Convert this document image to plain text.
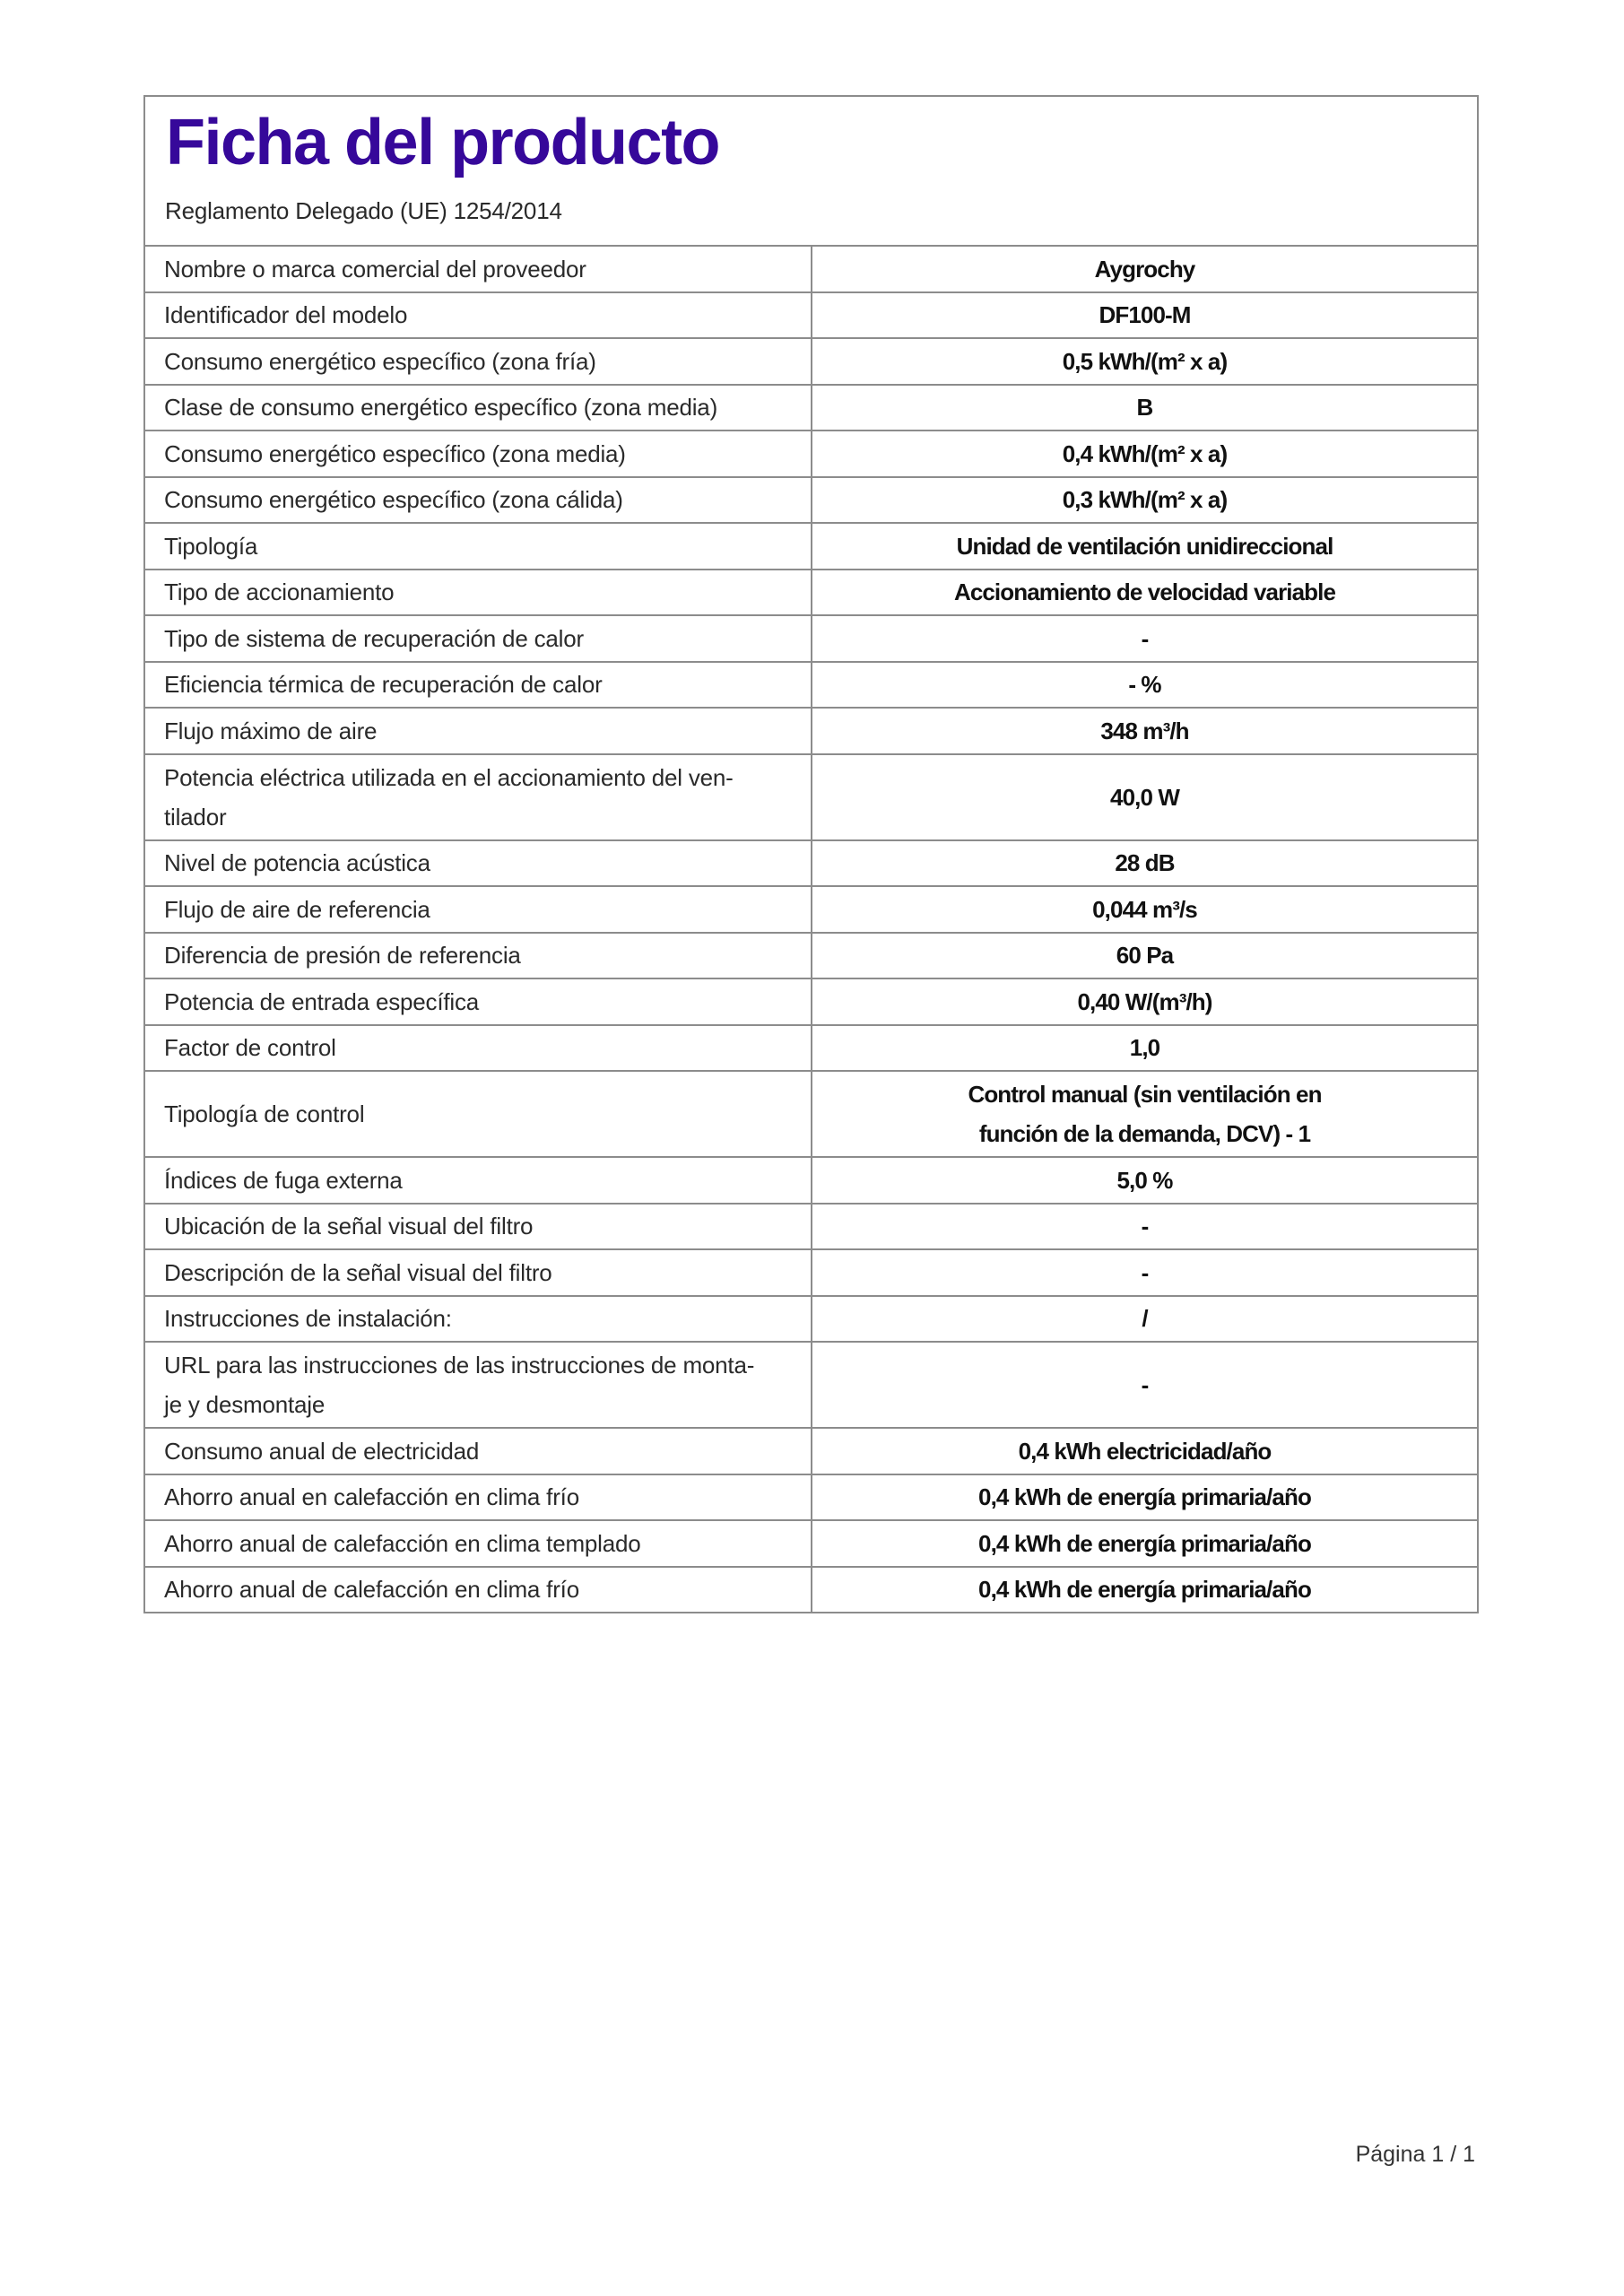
Ficha del producto

Reglamento Delegado (UE) 1254/2014

Nombre o marca comercial del proveedor	Aygrochy
Identificador del modelo	DF100-M
Consumo energético específico (zona fría)	0,5 kWh/(m² x a)
Clase de consumo energético específico (zona media)	B
Consumo energético específico (zona media)	0,4 kWh/(m² x a)
Consumo energético específico (zona cálida)	0,3 kWh/(m² x a)
Tipología	Unidad de ventilación unidireccional
Tipo de accionamiento	Accionamiento de velocidad variable
Tipo de sistema de recuperación de calor	-
Eficiencia térmica de recuperación de calor	- %
Flujo máximo de aire	348 m³/h
Potencia eléctrica utilizada en el accionamiento del ven-
tilador	40,0 W
Nivel de potencia acústica	28 dB
Flujo de aire de referencia	0,044 m³/s
Diferencia de presión de referencia	60 Pa
Potencia de entrada específica	0,40 W/(m³/h)
Factor de control	1,0
Tipología de control	Control manual (sin ventilación en
función de la demanda, DCV) - 1
Índices de fuga externa	5,0 %
Ubicación de la señal visual del filtro	-
Descripción de la señal visual del filtro	-
Instrucciones de instalación:	/
URL para las instrucciones de las instrucciones de monta-
je y desmontaje	-
Consumo anual de electricidad	0,4 kWh electricidad/año
Ahorro anual en calefacción en clima frío	0,4 kWh de energía primaria/año
Ahorro anual de calefacción en clima templado	0,4 kWh de energía primaria/año
Ahorro anual de calefacción en clima frío	0,4 kWh de energía primaria/año
Página 1 / 1
